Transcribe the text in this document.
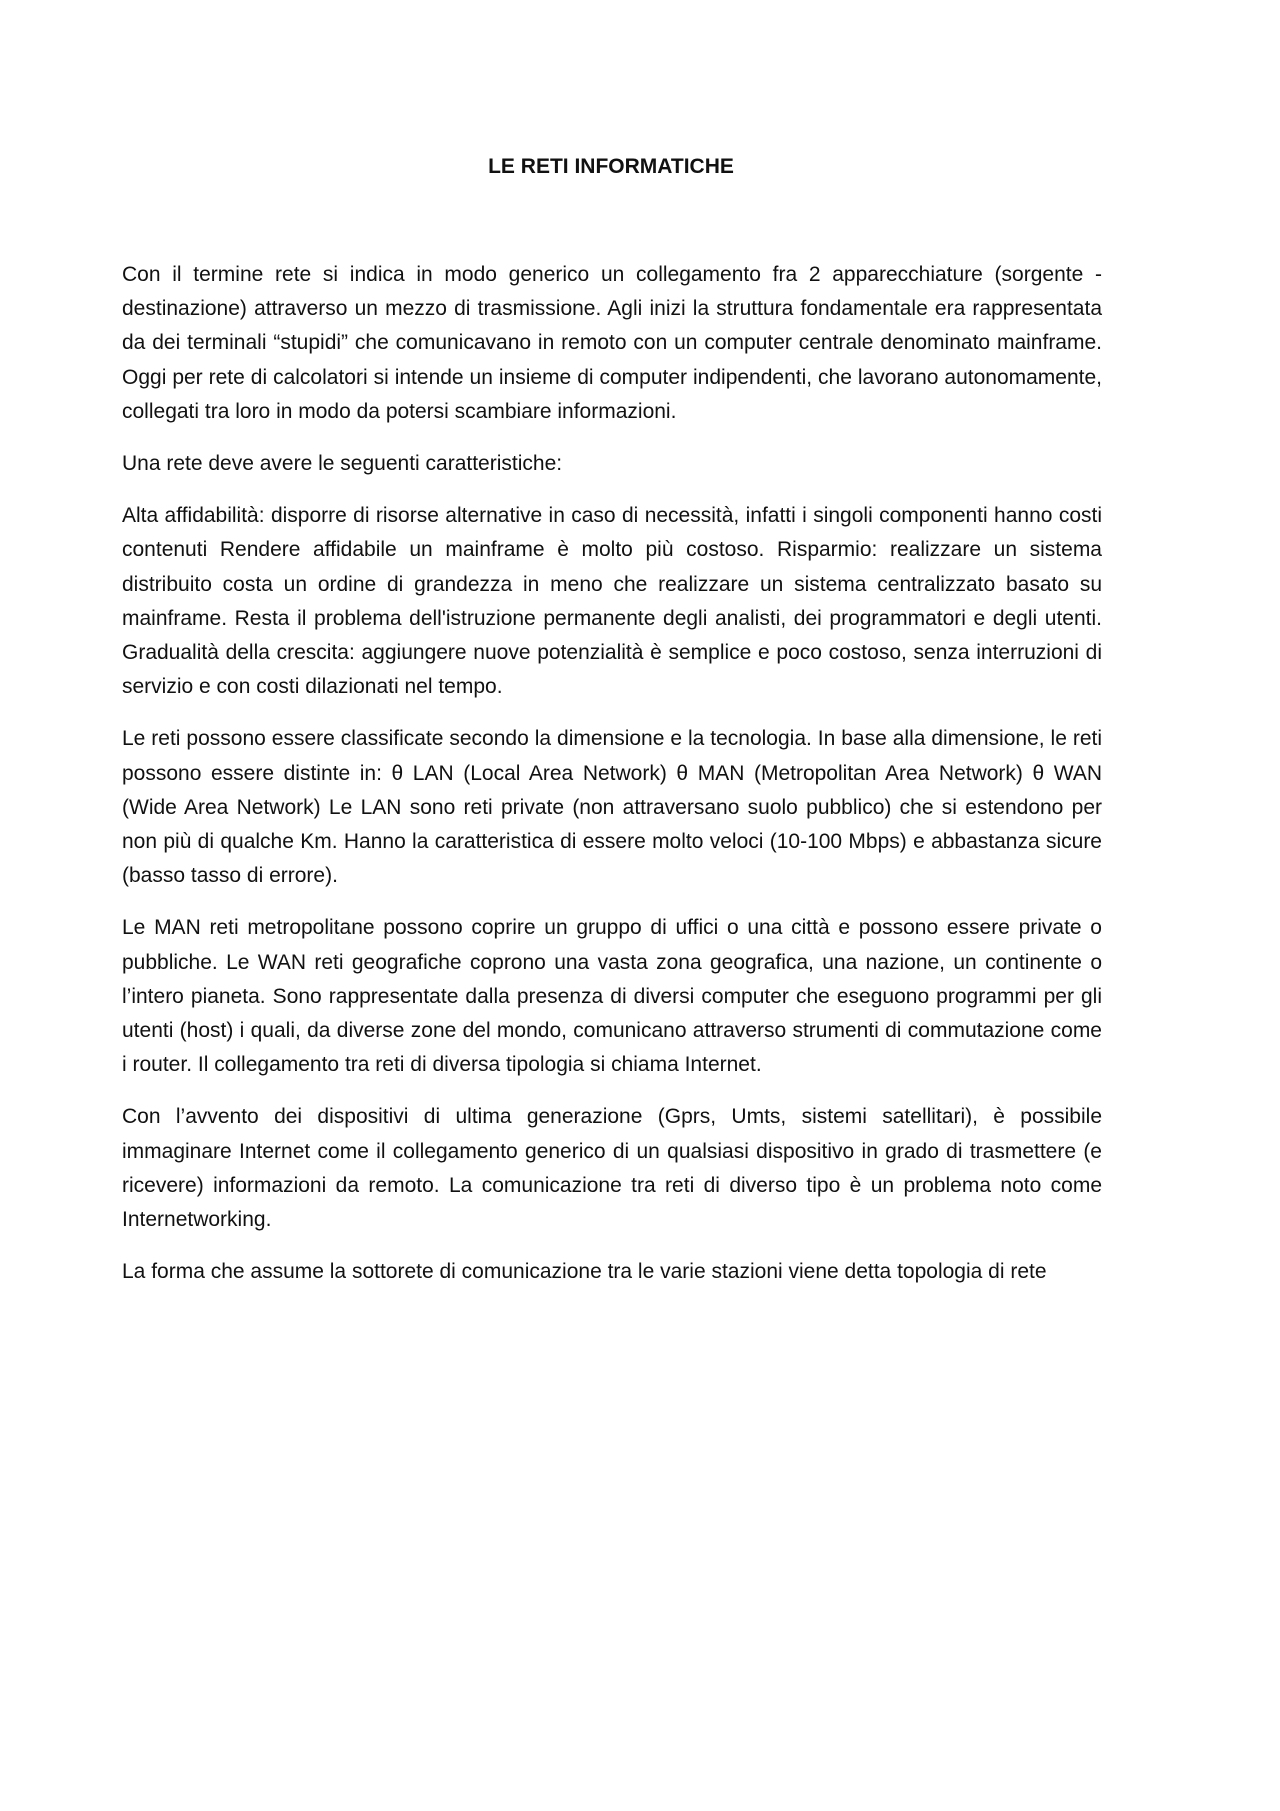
LE RETI INFORMATICHE

Con il termine rete si indica in modo generico un collegamento fra 2 apparecchiature (sorgente - destinazione) attraverso un mezzo di trasmissione. Agli inizi la struttura fondamentale era rappresentata da dei terminali “stupidi” che comunicavano in remoto con un computer centrale denominato mainframe. Oggi per rete di calcolatori si intende un insieme di computer indipendenti, che lavorano autonomamente, collegati tra loro in modo da potersi scambiare informazioni.

Una rete deve avere le seguenti caratteristiche:

Alta affidabilità: disporre di risorse alternative in caso di necessità, infatti i singoli componenti hanno costi contenuti Rendere affidabile un mainframe è molto più costoso. Risparmio: realizzare un sistema distribuito costa un ordine di grandezza in meno che realizzare un sistema centralizzato basato su mainframe. Resta il problema dell'istruzione permanente degli analisti, dei programmatori e degli utenti. Gradualità della crescita: aggiungere nuove potenzialità è semplice e poco costoso, senza interruzioni di servizio e con costi dilazionati nel tempo.

Le reti possono essere classificate secondo la dimensione e la tecnologia. In base alla dimensione, le reti possono essere distinte in: θ LAN (Local Area Network) θ MAN (Metropolitan Area Network) θ WAN (Wide Area Network) Le LAN sono reti private (non attraversano suolo pubblico) che si estendono per non più di qualche Km. Hanno la caratteristica di essere molto veloci (10-100 Mbps) e abbastanza sicure (basso tasso di errore).

Le MAN reti metropolitane possono coprire un gruppo di uffici o una città e possono essere private o pubbliche. Le WAN reti geografiche coprono una vasta zona geografica, una nazione, un continente o l’intero pianeta. Sono rappresentate dalla presenza di diversi computer che eseguono programmi per gli utenti (host) i quali, da diverse zone del mondo, comunicano attraverso strumenti di commutazione come i router. Il collegamento tra reti di diversa tipologia si chiama Internet.

Con l’avvento dei dispositivi di ultima generazione (Gprs, Umts, sistemi satellitari), è possibile immaginare Internet come il collegamento generico di un qualsiasi dispositivo in grado di trasmettere (e ricevere) informazioni da remoto. La comunicazione tra reti di diverso tipo è un problema noto come Internetworking.

La forma che assume la sottorete di comunicazione tra le varie stazioni viene detta topologia di rete
